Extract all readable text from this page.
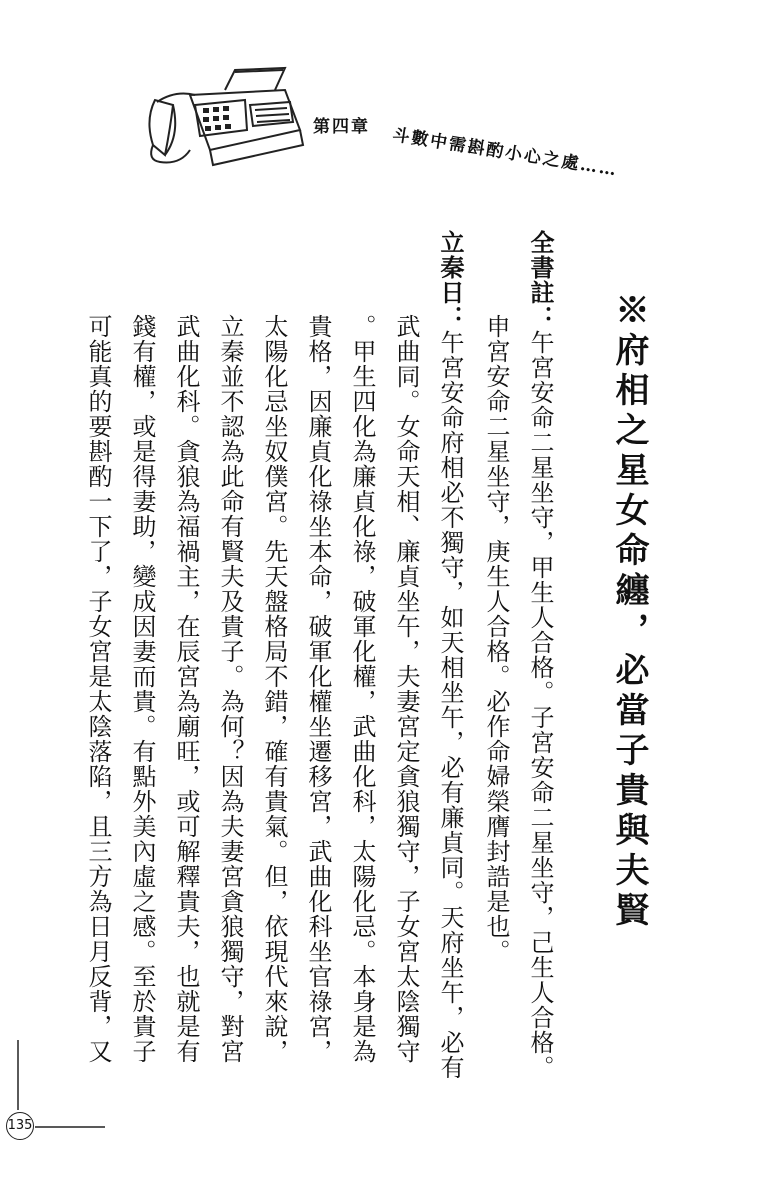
第四章 斗數中需斟酌小心之處……
※府相之星女命纏，必當子貴與夫賢
全書註：午宮安命二星坐守，甲生人合格。子宮安命二星坐守，己生人合格。
申宮安命二星坐守，庚生人合格。必作命婦榮膺封誥是也。
立秦日：午宮安命府相必不獨守，如天相坐午，必有廉貞同。天府坐午，必有
武曲同。女命天相、廉貞坐午，夫妻宮定貪狼獨守，子女宮太陰獨守
。甲生四化為廉貞化祿，破軍化權，武曲化科，太陽化忌。本身是為
貴格，因廉貞化祿坐本命，破軍化權坐遷移宮，武曲化科坐官祿宮，
太陽化忌坐奴僕宮。先天盤格局不錯，確有貴氣。但，依現代來說，
立秦並不認為此命有賢夫及貴子。為何？因為夫妻宮貪狼獨守，對宮
武曲化科。貪狼為福禍主，在辰宮為廟旺，或可解釋貴夫，也就是有
錢有權，或是得妻助，變成因妻而貴。有點外美內虛之感。至於貴子
可能真的要斟酌一下了，子女宮是太陰落陷，且三方為日月反背，又
135
